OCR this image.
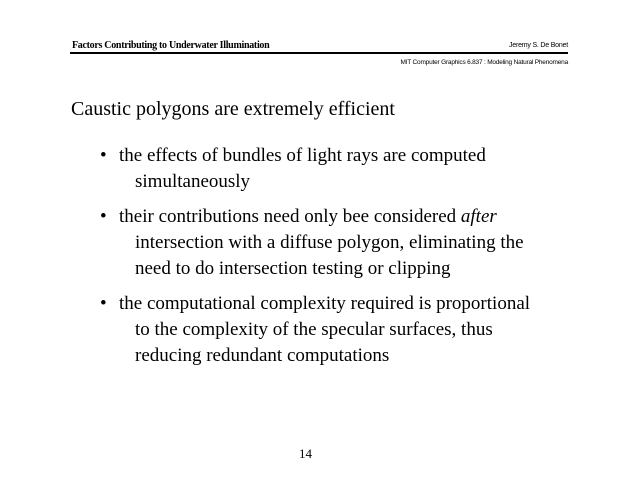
Factors Contributing to Underwater Illumination	Jeremy S. De Bonet
MIT Computer Graphics 6.837 : Modeling Natural Phenomena
Caustic polygons are extremely efficient
• the effects of bundles of light rays are computed
simultaneously
• their contributions need only bee considered after
intersection with a diffuse polygon, eliminating the
need to do intersection testing or clipping
• the computational complexity required is proportional
to the complexity of the specular surfaces, thus
reducing redundant computations
14
